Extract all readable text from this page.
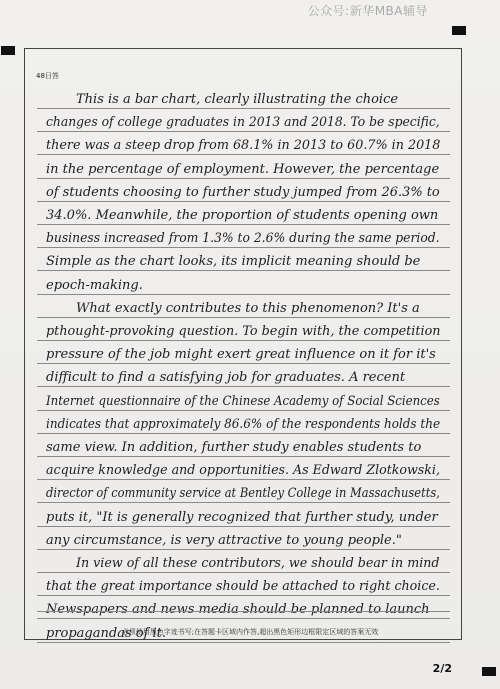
公众号:新华MBA辅导
48日答
This is a bar chart, clearly illustrating the choice
changes of college graduates in 2013 and 2018. To be specific,
there was a steep drop from 68.1% in 2013 to 60.7% in 2018
in the percentage of employment. However, the percentage
of students choosing to further study jumped from 26.3% to
34.0%. Meanwhile, the proportion of students opening own
business increased from 1.3% to 2.6% during the same period.
Simple as the chart looks, its implicit meaning should be
epoch-making.
What exactly contributes to this phenomenon? It's a
pthought-provoking question. To begin with, the competition
pressure of the job might exert great influence on it for it's
difficult to find a satisfying job for graduates. A recent
Internet questionnaire of the Chinese Academy of Social Sciences
indicates that approximately 86.6% of the respondents holds the
same view. In addition, further study enables students to
acquire knowledge and opportunities. As Edward Zlotkowski,
director of community service at Bentley College in Massachusetts,
puts it, "It is generally recognized that further study, under
any circumstance, is very attractive to young people."
In view of all these contributors, we should bear in mind
that the great importance should be attached to right choice.
Newspapers and news media should be planned to launch
propagandas of it.
必须使用黑色字迹书写;在答题卡区域内作答,超出黑色矩形边框限定区域的答案无效
2/2
